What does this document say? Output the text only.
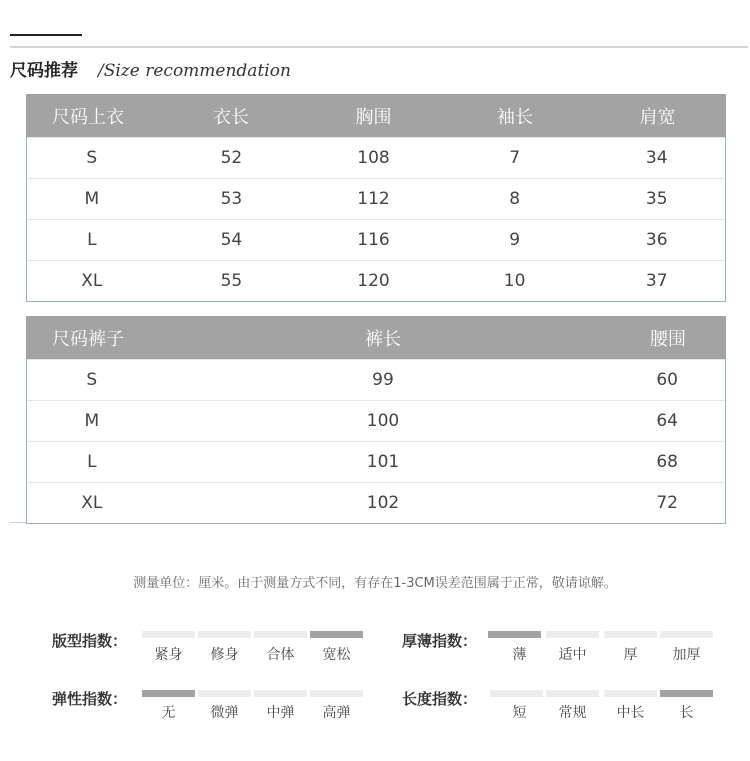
尺码推荐 /Size recommendation
尺码上衣	衣长	胸围	袖长	肩宽
S	52	108	7	34
M	53	112	8	35
L	54	116	9	36
XL	55	120	10	37
尺码裤子	裤长	腰围
S	99	60
M	100	64
L	101	68
XL	102	72
测量单位：厘米。由于测量方式不同，有存在1-3CM误差范围属于正常，敬请谅解。
版型指数：
紧身	修身	合体	宽松
厚薄指数：
薄	适中	厚	加厚
弹性指数：
无	微弹	中弹	高弹
长度指数：
短	常规	中长	长
